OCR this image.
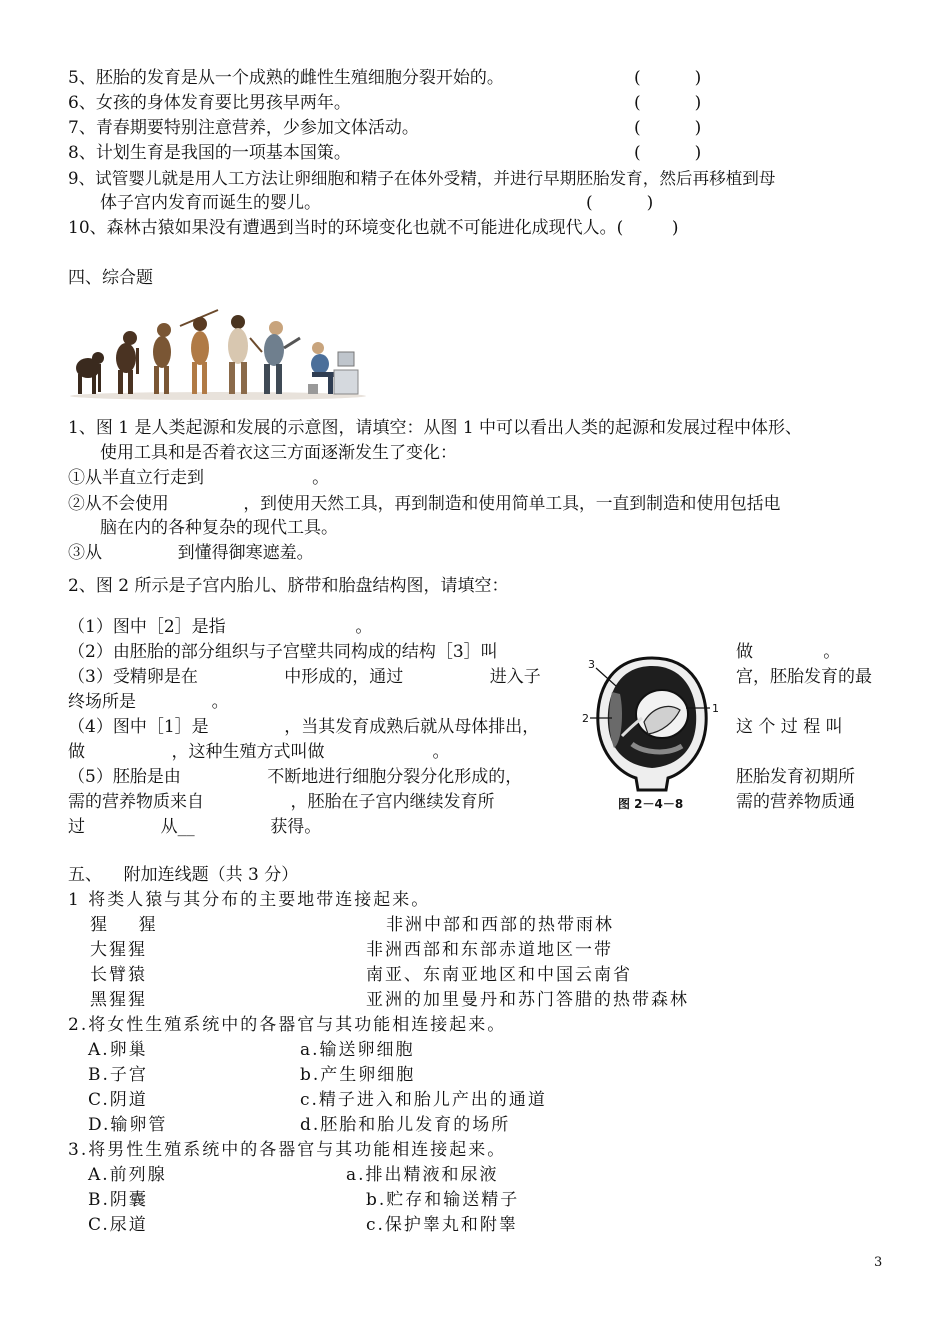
5、胚胎的发育是从一个成熟的雌性生殖细胞分裂开始的。	(          )

6、女孩的身体发育要比男孩早两年。	(          )

7、青春期要特别注意营养，少参加文体活动。	(          )

8、计划生育是我国的一项基本国策。	(          )

9、试管婴儿就是用人工方法让卵细胞和精子在体外受精，并进行早期胚胎发育，然后再移植到母

体子宫内发育而诞生的婴儿。	(          )

10、森林古猿如果没有遭遇到当时的环境变化也就不可能进化成现代人。(         )

四、综合题

1、图 1 是人类起源和发展的示意图，请填空：从图 1 中可以看出人类的起源和发展过程中体形、

使用工具和是否着衣这三方面逐渐发生了变化：

①从半直立行走到                    。

②从不会使用              ，到使用天然工具，再到制造和使用简单工具，一直到制造和使用包括电

脑在内的各种复杂的现代工具。

③从              到懂得御寒遮羞。

2、图 2 所示是子宫内胎儿、脐带和胎盘结构图，请填空：

（1）图中［2］是指                        。

（2）由胚胎的部分组织与子宫壁共同构成的结构［3］叫	做             。

（3）受精卵是在                中形成的，通过                进入子	宫，胚胎发育的最

终场所是              。

（4）图中［1］是              ，当其发育成熟后就从母体排出，	这 个 过 程 叫

做                ，这种生殖方式叫做                    。

（5）胚胎是由                不断地进行细胞分裂分化形成的，	胚胎发育初期所

需的营养物质来自                ，胚胎在子宫内继续发育所	需的营养物质通

过              从__              获得。

3
2
1
图 2－4－8

五、    附加连线题（共 3 分）

1 将类人猿与其分布的主要地带连接起来。

猩    猩	非洲中部和西部的热带雨林

大猩猩	非洲西部和东部赤道地区一带

长臂猿	南亚、东南亚地区和中国云南省

黑猩猩	亚洲的加里曼丹和苏门答腊的热带森林

2.将女性生殖系统中的各器官与其功能相连接起来。

A.卵巢	a.输送卵细胞

B.子宫	b.产生卵细胞

C.阴道	c.精子进入和胎儿产出的通道

D.输卵管	d.胚胎和胎儿发育的场所

3.将男性生殖系统中的各器官与其功能相连接起来。

A.前列腺	a.排出精液和尿液

B.阴囊	b.贮存和输送精子

C.尿道	c.保护睾丸和附睾

3
